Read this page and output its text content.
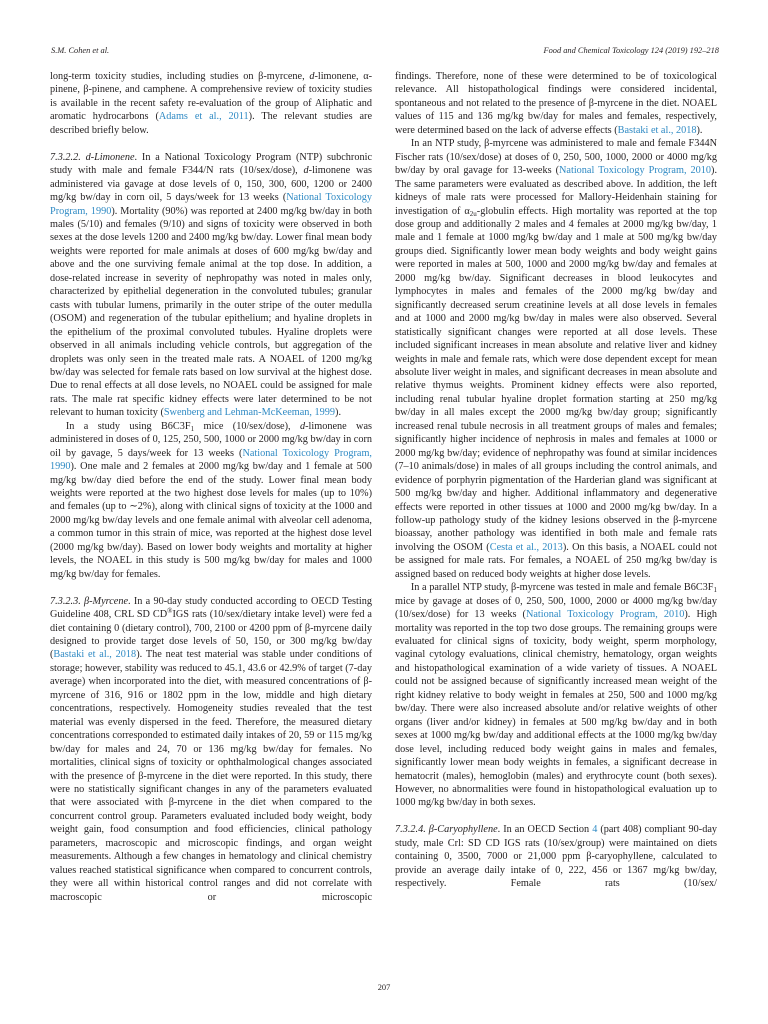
S.M. Cohen et al.	Food and Chemical Toxicology 124 (2019) 192–218

long-term toxicity studies, including studies on β-myrcene, d-limonene, α-pinene, β-pinene, and camphene. A comprehensive review of toxicity studies is available in the recent safety re-evaluation of the group of Aliphatic and aromatic hydrocarbons (Adams et al., 2011). The relevant studies are described briefly below.

7.3.2.2. d-Limonene. In a National Toxicology Program (NTP) subchronic study with male and female F344/N rats (10/sex/dose), d-limonene was administered via gavage at dose levels of 0, 150, 300, 600, 1200 or 2400 mg/kg bw/day in corn oil, 5 days/week for 13 weeks (National Toxicology Program, 1990). Mortality (90%) was reported at 2400 mg/kg bw/day in both males (5/10) and females (9/10) and signs of toxicity were observed in both sexes at the dose levels 1200 and 2400 mg/kg bw/day. Lower final mean body weights were reported for male animals at doses of 600 mg/kg bw/day and above and the one surviving female animal at the top dose. In addition, a dose-related increase in severity of nephropathy was noted in males only, characterized by epithelial degeneration in the convoluted tubules; granular casts with tubular lumens, primarily in the outer stripe of the outer medulla (OSOM) and regeneration of the tubular epithelium; and hyaline droplets in the epithelium of the proximal convoluted tubules. Hyaline droplets were observed in all animals including vehicle controls, but aggregation of the droplets was only seen in the treated male rats. A NOAEL of 1200 mg/kg bw/day was selected for female rats based on low survival at the highest dose. Due to renal effects at all dose levels, no NOAEL could be assigned for male rats. The male rat specific kidney effects were later determined to be not relevant to human toxicity (Swenberg and Lehman-McKeeman, 1999).

In a study using B6C3F1 mice (10/sex/dose), d-limonene was administered in doses of 0, 125, 250, 500, 1000 or 2000 mg/kg bw/day in corn oil by gavage, 5 days/week for 13 weeks (National Toxicology Program, 1990). One male and 2 females at 2000 mg/kg bw/day and 1 female at 500 mg/kg bw/day died before the end of the study. Lower final mean body weights were reported at the two highest dose levels for males (up to 10%) and females (up to ∼2%), along with clinical signs of toxicity at the 1000 and 2000 mg/kg bw/day levels and one female animal with alveolar cell adenoma, a common tumor in this strain of mice, was reported at the highest dose level (2000 mg/kg bw/day). Based on lower body weights and mortality at higher levels, the NOAEL in this study is 500 mg/kg bw/day for males and 1000 mg/kg bw/day for females.

7.3.2.3. β-Myrcene. In a 90-day study conducted according to OECD Testing Guideline 408, CRL SD CD®IGS rats (10/sex/dietary intake level) were fed a diet containing 0 (dietary control), 700, 2100 or 4200 ppm of β-myrcene daily designed to provide target dose levels of 50, 150, or 300 mg/kg bw/day (Bastaki et al., 2018). The neat test material was stable under conditions of storage; however, stability was reduced to 45.1, 43.6 or 42.9% of target (7-day average) when incorporated into the diet, with measured concentrations of β-myrcene of 316, 916 or 1802 ppm in the low, middle and high dietary concentrations, respectively. Homogeneity studies revealed that the test material was evenly dispersed in the feed. Therefore, the measured dietary concentrations corresponded to estimated daily intakes of 20, 59 or 115 mg/kg bw/day for males and 24, 70 or 136 mg/kg bw/day for females. No mortalities, clinical signs of toxicity or ophthalmological changes associated with the presence of β-myrcene in the diet were reported. In this study, there were no statistically significant changes in any of the parameters evaluated that were associated with β-myrcene in the diet when compared to the concurrent control group. Parameters evaluated included body weight, body weight gain, food consumption and food efficiencies, clinical pathology parameters, macroscopic and microscopic findings, and organ weight measurements. Although a few changes in hematology and clinical chemistry values reached statistical significance when compared to concurrent controls, they were all within historical control ranges and did not correlate with macroscopic or microscopic

findings. Therefore, none of these were determined to be of toxicological relevance. All histopathological findings were considered incidental, spontaneous and not related to the presence of β-myrcene in the diet. NOAEL values of 115 and 136 mg/kg bw/day for males and females, respectively, were determined based on the lack of adverse effects (Bastaki et al., 2018).

In an NTP study, β-myrcene was administered to male and female F344N Fischer rats (10/sex/dose) at doses of 0, 250, 500, 1000, 2000 or 4000 mg/kg bw/day by oral gavage for 13-weeks (National Toxicology Program, 2010). The same parameters were evaluated as described above. In addition, the left kidneys of male rats were processed for Mallory-Heidenhain staining for investigation of α2u-globulin effects. High mortality was reported at the top dose group and additionally 2 males and 4 females at 2000 mg/kg bw/day, 1 male and 1 female at 1000 mg/kg bw/day and 1 male at 500 mg/kg bw/day groups died. Significantly lower mean body weights and body weight gains were reported in males at 500, 1000 and 2000 mg/kg bw/day and females at 2000 mg/kg bw/day. Significant decreases in blood leukocytes and lymphocytes in males and females of the 2000 mg/kg bw/day and significantly decreased serum creatinine levels at all dose levels in females and at 1000 and 2000 mg/kg bw/day in males were also observed. Several statistically significant changes were reported at all dose levels. These included significant increases in mean absolute and relative liver and kidney weights in male and female rats, which were dose dependent except for mean absolute liver weight in males, and significant decreases in mean absolute and relative thymus weights. Prominent kidney effects were also reported, including renal tubular hyaline droplet formation starting at 250 mg/kg bw/day in all males except the 2000 mg/kg bw/day group; significantly increased renal tubule necrosis in all treatment groups of males and females; significantly higher incidence of nephrosis in males and females at 1000 or 2000 mg/kg bw/day; evidence of nephropathy was found at similar incidences (7–10 animals/dose) in males of all groups including the control animals, and evidence of porphyrin pigmentation of the Harderian gland was significant at 500 mg/kg bw/day and higher. Additional inflammatory and degenerative effects were reported in other tissues at 1000 and 2000 mg/kg bw/day. In a follow-up pathology study of the kidney lesions observed in the β-myrcene bioassay, another pathology was identified in both male and female rats involving the OSOM (Cesta et al., 2013). On this basis, a NOAEL could not be assigned for male rats. For females, a NOAEL of 250 mg/kg bw/day is assigned based on reduced body weights at higher dose levels.

In a parallel NTP study, β-myrcene was tested in male and female B6C3F1 mice by gavage at doses of 0, 250, 500, 1000, 2000 or 4000 mg/kg bw/day (10/sex/dose) for 13 weeks (National Toxicology Program, 2010). High mortality was reported in the top two dose groups. The remaining groups were evaluated for clinical signs of toxicity, body weight, sperm morphology, vaginal cytology evaluations, clinical chemistry, hematology, organ weights and histopathological examination of a wide variety of tissues. A NOAEL could not be assigned because of significantly increased mean weight of the right kidney relative to body weight in females at 250, 500 and 1000 mg/kg bw/day. There were also increased absolute and/or relative weights of other organs (liver and/or kidney) in females at 500 mg/kg bw/day and in both sexes at 1000 mg/kg bw/day and additional effects at the 1000 mg/kg bw/day dose level, including reduced body weight gains in males and females, significantly lower mean body weights in females, a significant decrease in hematocrit (males), hemoglobin (males) and erythrocyte count (both sexes). However, no abnormalities were found in histopathological evaluation up to 1000 mg/kg bw/day in both sexes.

7.3.2.4. β-Caryophyllene. In an OECD Section 4 (part 408) compliant 90-day study, male Crl: SD CD IGS rats (10/sex/group) were maintained on diets containing 0, 3500, 7000 or 21,000 ppm β-caryophyllene, calculated to provide an average daily intake of 0, 222, 456 or 1367 mg/kg bw/day, respectively. Female rats (10/sex/

207
